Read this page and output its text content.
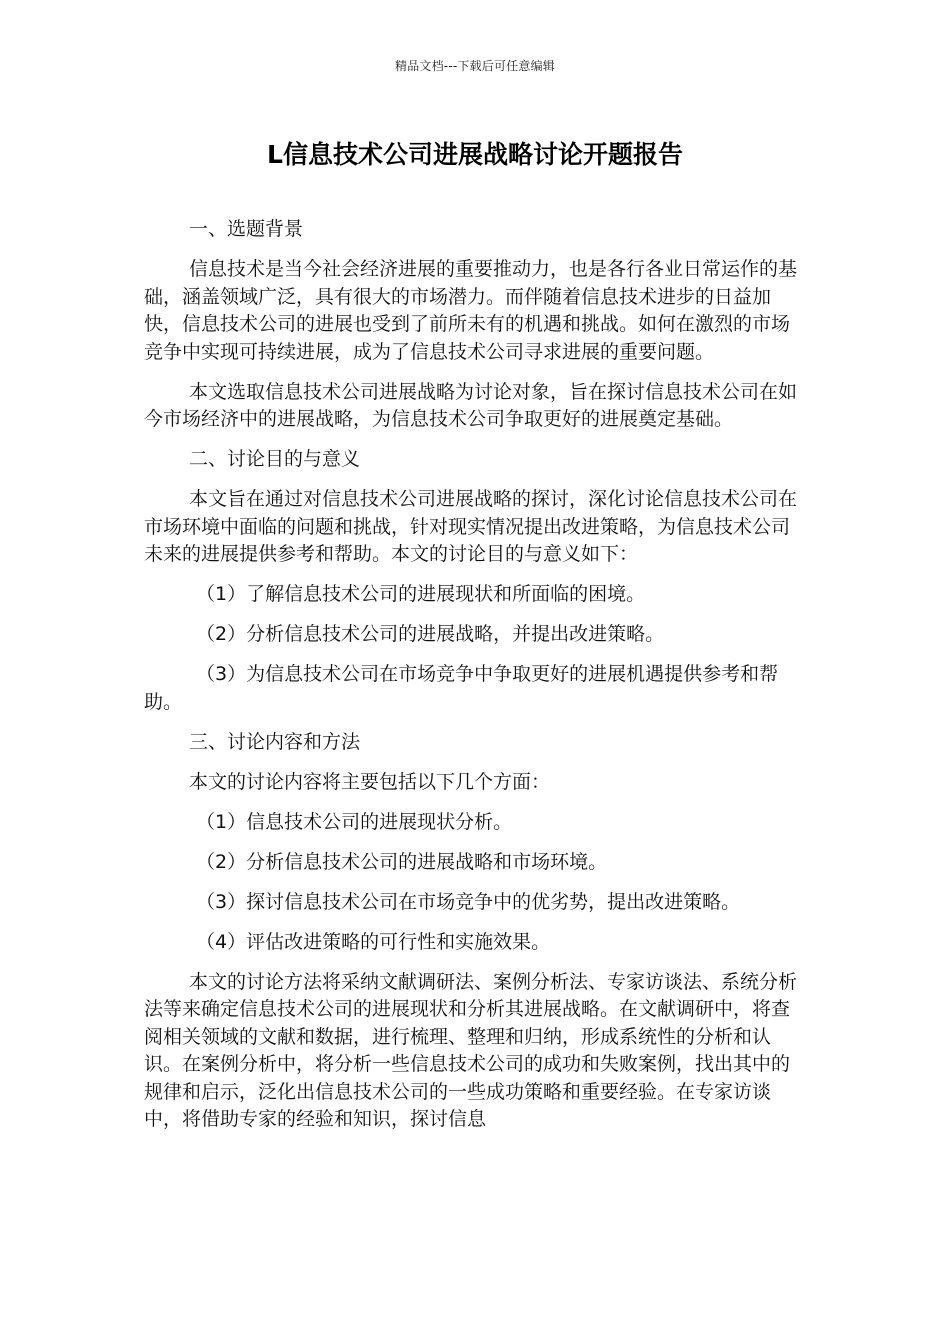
精品文档---下载后可任意编辑
L信息技术公司进展战略讨论开题报告

一、选题背景

信息技术是当今社会经济进展的重要推动力，也是各行各业日常运作的基础，涵盖领域广泛，具有很大的市场潜力。而伴随着信息技术进步的日益加快，信息技术公司的进展也受到了前所未有的机遇和挑战。如何在激烈的市场竞争中实现可持续进展，成为了信息技术公司寻求进展的重要问题。

本文选取信息技术公司进展战略为讨论对象，旨在探讨信息技术公司在如今市场经济中的进展战略，为信息技术公司争取更好的进展奠定基础。

二、讨论目的与意义

本文旨在通过对信息技术公司进展战略的探讨，深化讨论信息技术公司在市场环境中面临的问题和挑战，针对现实情况提出改进策略，为信息技术公司未来的进展提供参考和帮助。本文的讨论目的与意义如下：

（1）了解信息技术公司的进展现状和所面临的困境。

（2）分析信息技术公司的进展战略，并提出改进策略。

（3）为信息技术公司在市场竞争中争取更好的进展机遇提供参考和帮助。

三、讨论内容和方法

本文的讨论内容将主要包括以下几个方面：

（1）信息技术公司的进展现状分析。

（2）分析信息技术公司的进展战略和市场环境。

（3）探讨信息技术公司在市场竞争中的优劣势，提出改进策略。

（4）评估改进策略的可行性和实施效果。

本文的讨论方法将采纳文献调研法、案例分析法、专家访谈法、系统分析法等来确定信息技术公司的进展现状和分析其进展战略。在文献调研中，将查阅相关领域的文献和数据，进行梳理、整理和归纳，形成系统性的分析和认识。在案例分析中，将分析一些信息技术公司的成功和失败案例，找出其中的规律和启示，泛化出信息技术公司的一些成功策略和重要经验。在专家访谈中，将借助专家的经验和知识，探讨信息
